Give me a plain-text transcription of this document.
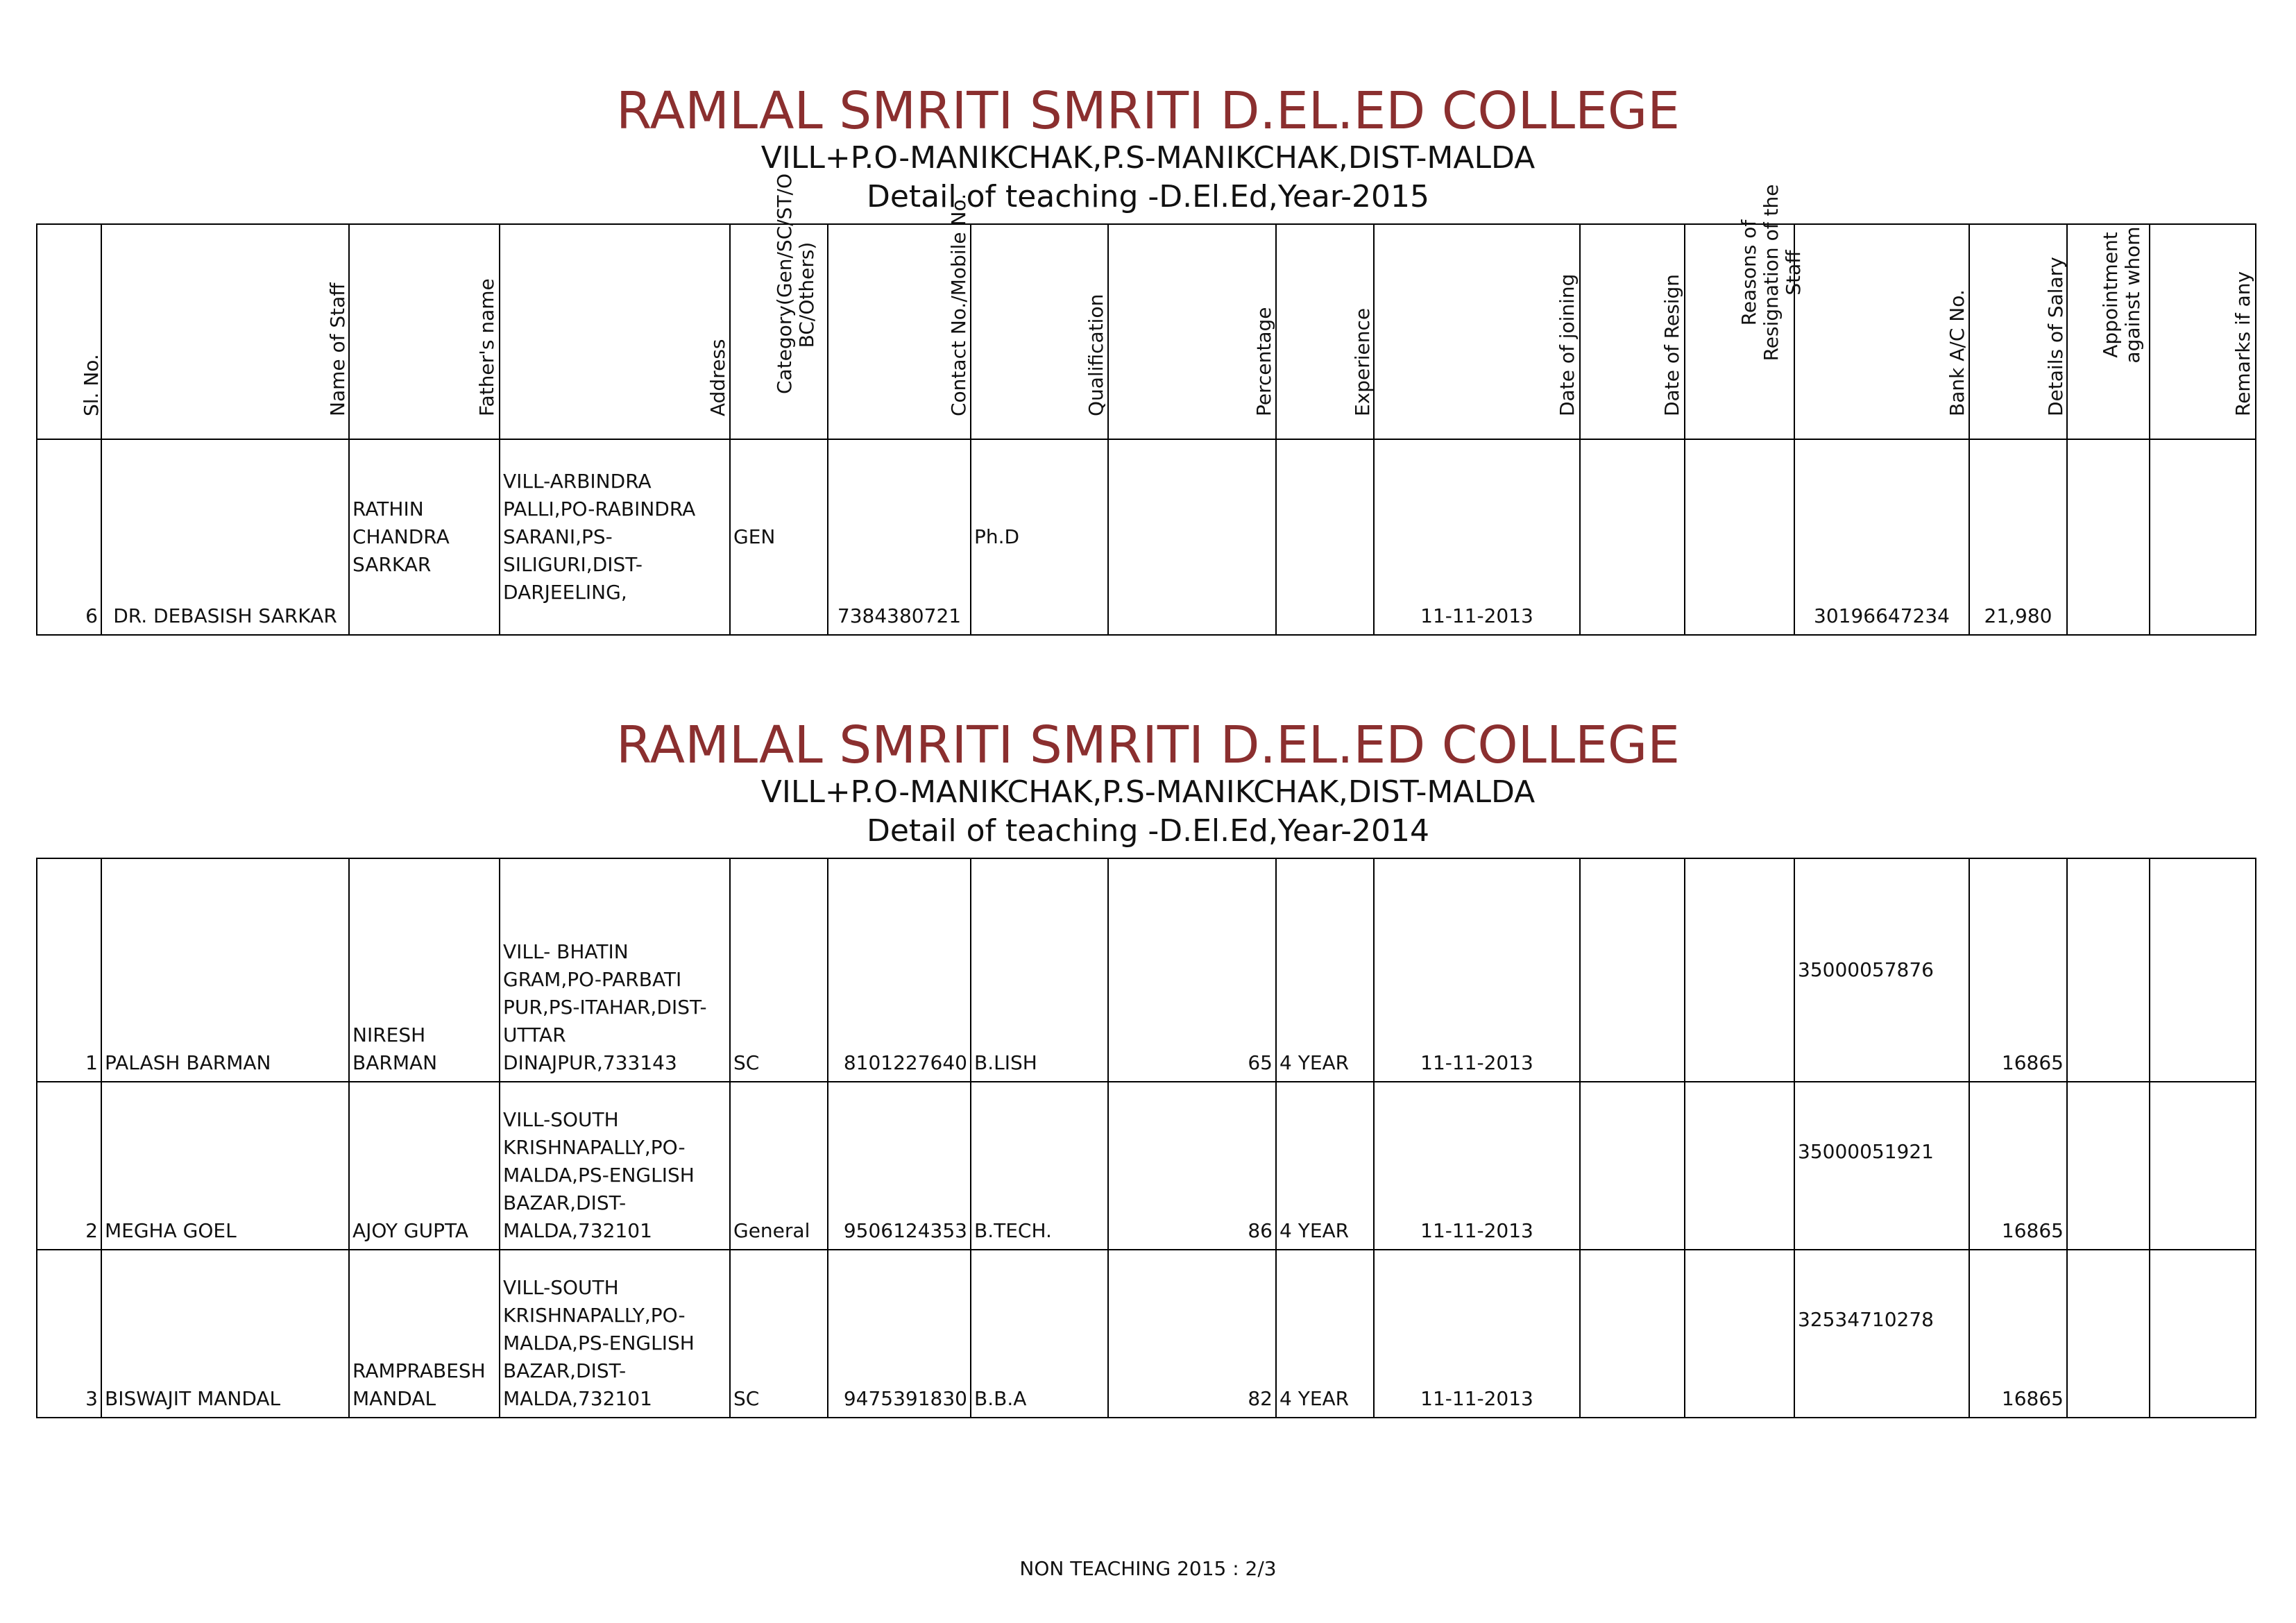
RAMLAL SMRITI SMRITI D.EL.ED COLLEGE
VILL+P.O-MANIKCHAK,P.S-MANIKCHAK,DIST-MALDA
Detail of teaching -D.El.Ed,Year-2015
Sl. No.	Name of Staff	Father's name	Address	Category(Gen/SC/ST/O BC/Others)	Contact No./Mobile No.	Qualification	Percentage	Experience	Date of joining	Date of Resign	Reasons of Resignation of the Staff	Bank A/C No.	Details of Salary	Appointment against whom	Remarks if any

6	DR. DEBASISH SARKAR	RATHIN CHANDRA SARKAR	VILL-ARBINDRA PALLI,PO-RABINDRA SARANI,PS-SILIGURI,DIST-DARJEELING,	GEN	7384380721	Ph.D			11-11-2013			30196647234	21,980		

RAMLAL SMRITI SMRITI D.EL.ED COLLEGE
VILL+P.O-MANIKCHAK,P.S-MANIKCHAK,DIST-MALDA
Detail of teaching -D.El.Ed,Year-2014
1	PALASH BARMAN	NIRESH BARMAN	VILL- BHATIN GRAM,PO-PARBATI PUR,PS-ITAHAR,DIST-UTTAR DINAJPUR,733143	SC	8101227640	B.LISH	65	4 YEAR	11-11-2013			35000057876	16865		

2	MEGHA GOEL	AJOY GUPTA	VILL-SOUTH KRISHNAPALLY,PO-MALDA,PS-ENGLISH BAZAR,DIST-MALDA,732101	General	9506124353	B.TECH.	86	4 YEAR	11-11-2013			35000051921	16865		

3	BISWAJIT MANDAL	RAMPRABESH MANDAL	VILL-SOUTH KRISHNAPALLY,PO-MALDA,PS-ENGLISH BAZAR,DIST-MALDA,732101	SC	9475391830	B.B.A	82	4 YEAR	11-11-2013			32534710278	16865		

NON TEACHING 2015 : 2/3
